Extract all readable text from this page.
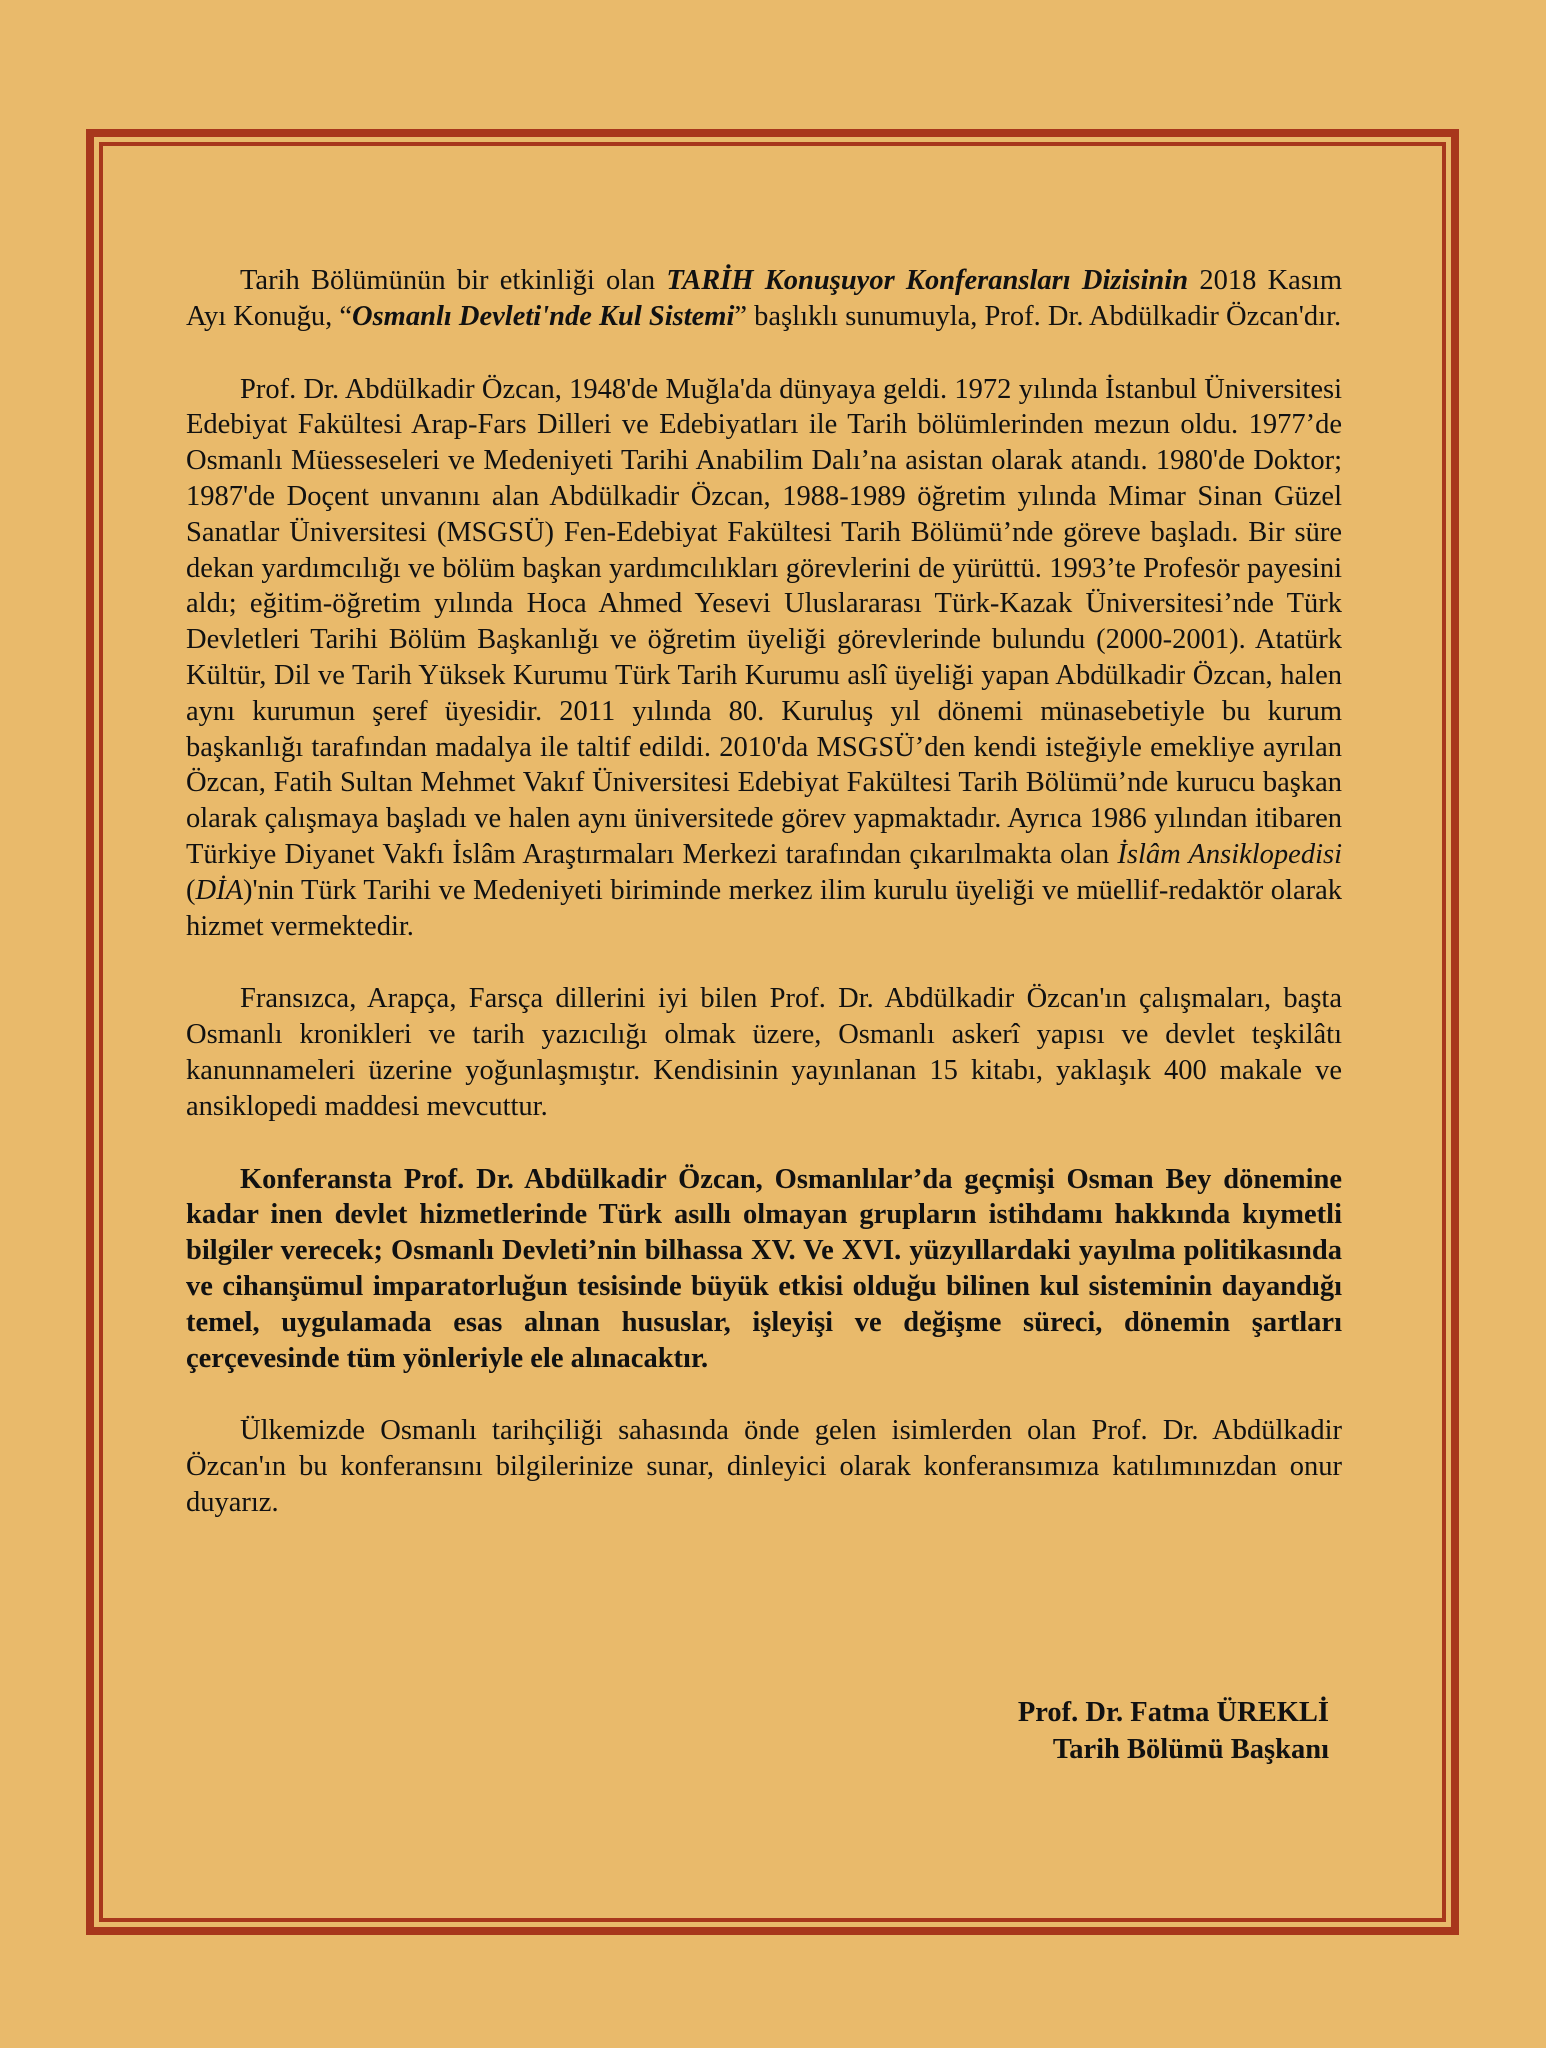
Tarih Bölümünün bir etkinliği olan TARİH Konuşuyor Konferansları Dizisinin 2018 Kasım Ayı Konuğu, “Osmanlı Devleti'nde Kul Sistemi” başlıklı sunumuyla, Prof. Dr. Abdülkadir Özcan'dır.

Prof. Dr. Abdülkadir Özcan, 1948'de Muğla'da dünyaya geldi. 1972 yılında İstanbul Üniversitesi Edebiyat Fakültesi Arap-Fars Dilleri ve Edebiyatları ile Tarih bölümlerinden mezun oldu. 1977’de Osmanlı Müesseseleri ve Medeniyeti Tarihi Anabilim Dalı’na asistan olarak atandı. 1980'de Doktor; 1987'de Doçent unvanını alan Abdülkadir Özcan, 1988-1989 öğretim yılında Mimar Sinan Güzel Sanatlar Üniversitesi (MSGSÜ) Fen-Edebiyat Fakültesi Tarih Bölümü’nde göreve başladı. Bir süre dekan yardımcılığı ve bölüm başkan yardımcılıkları görevlerini de yürüttü. 1993’te Profesör payesini aldı; eğitim-öğretim yılında Hoca Ahmed Yesevi Uluslararası Türk-Kazak Üniversitesi’nde Türk Devletleri Tarihi Bölüm Başkanlığı ve öğretim üyeliği görevlerinde bulundu (2000-2001). Atatürk Kültür, Dil ve Tarih Yüksek Kurumu Türk Tarih Kurumu aslî üyeliği yapan Abdülkadir Özcan, halen aynı kurumun şeref üyesidir. 2011 yılında 80. Kuruluş yıl dönemi münasebetiyle bu kurum başkanlığı tarafından madalya ile taltif edildi. 2010'da MSGSÜ’den kendi isteğiyle emekliye ayrılan Özcan, Fatih Sultan Mehmet Vakıf Üniversitesi Edebiyat Fakültesi Tarih Bölümü’nde kurucu başkan olarak çalışmaya başladı ve halen aynı üniversitede görev yapmaktadır. Ayrıca 1986 yılından itibaren Türkiye Diyanet Vakfı İslâm Araştırmaları Merkezi tarafından çıkarılmakta olan İslâm Ansiklopedisi (DİA)'nin Türk Tarihi ve Medeniyeti biriminde merkez ilim kurulu üyeliği ve müellif-redaktör olarak hizmet vermektedir.

Fransızca, Arapça, Farsça dillerini iyi bilen Prof. Dr. Abdülkadir Özcan'ın çalışmaları, başta Osmanlı kronikleri ve tarih yazıcılığı olmak üzere, Osmanlı askerî yapısı ve devlet teşkilâtı kanunnameleri üzerine yoğunlaşmıştır. Kendisinin yayınlanan 15 kitabı, yaklaşık 400 makale ve ansiklopedi maddesi mevcuttur.

Konferansta Prof. Dr. Abdülkadir Özcan, Osmanlılar’da geçmişi Osman Bey dönemine kadar inen devlet hizmetlerinde Türk asıllı olmayan grupların istihdamı hakkında kıymetli bilgiler verecek; Osmanlı Devleti’nin bilhassa XV. Ve XVI. yüzyıllardaki yayılma politikasında ve cihanşümul imparatorluğun tesisinde büyük etkisi olduğu bilinen kul sisteminin dayandığı temel, uygulamada esas alınan hususlar, işleyişi ve değişme süreci, dönemin şartları çerçevesinde tüm yönleriyle ele alınacaktır.

Ülkemizde Osmanlı tarihçiliği sahasında önde gelen isimlerden olan Prof. Dr. Abdülkadir Özcan'ın bu konferansını bilgilerinize sunar, dinleyici olarak konferansımıza katılımınızdan onur duyarız.

Prof. Dr. Fatma ÜREKLİ
Tarih Bölümü Başkanı
